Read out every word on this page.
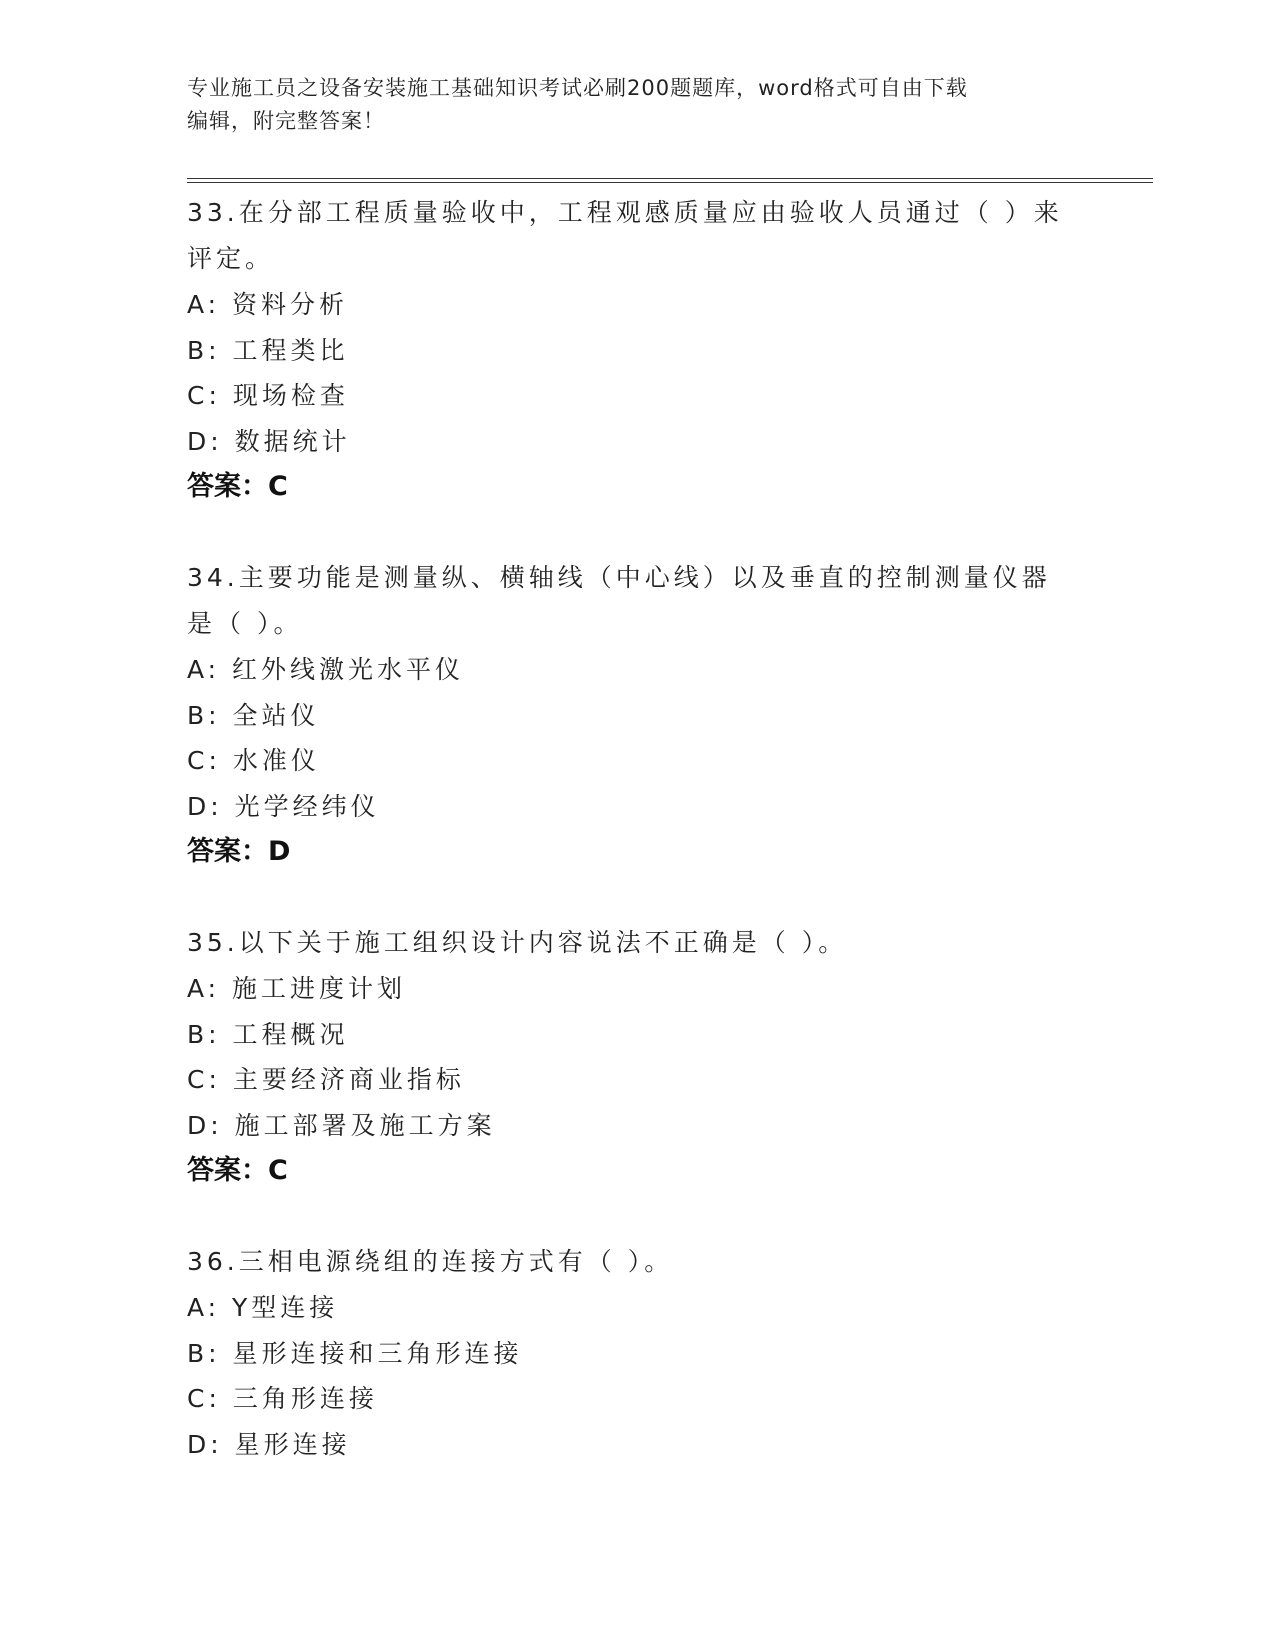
专业施工员之设备安装施工基础知识考试必刷200题题库，word格式可自由下载
编辑，附完整答案！
33.在分部工程质量验收中，工程观感质量应由验收人员通过（ ）来评定。
A: 资料分析
B: 工程类比
C: 现场检查
D: 数据统计
答案：C
34.主要功能是测量纵、横轴线（中心线）以及垂直的控制测量仪器是（ ）。
A: 红外线激光水平仪
B: 全站仪
C: 水准仪
D: 光学经纬仪
答案：D
35.以下关于施工组织设计内容说法不正确是（ ）。
A: 施工进度计划
B: 工程概况
C: 主要经济商业指标
D: 施工部署及施工方案
答案：C
36.三相电源绕组的连接方式有（ ）。
A: Y型连接
B: 星形连接和三角形连接
C: 三角形连接
D: 星形连接
